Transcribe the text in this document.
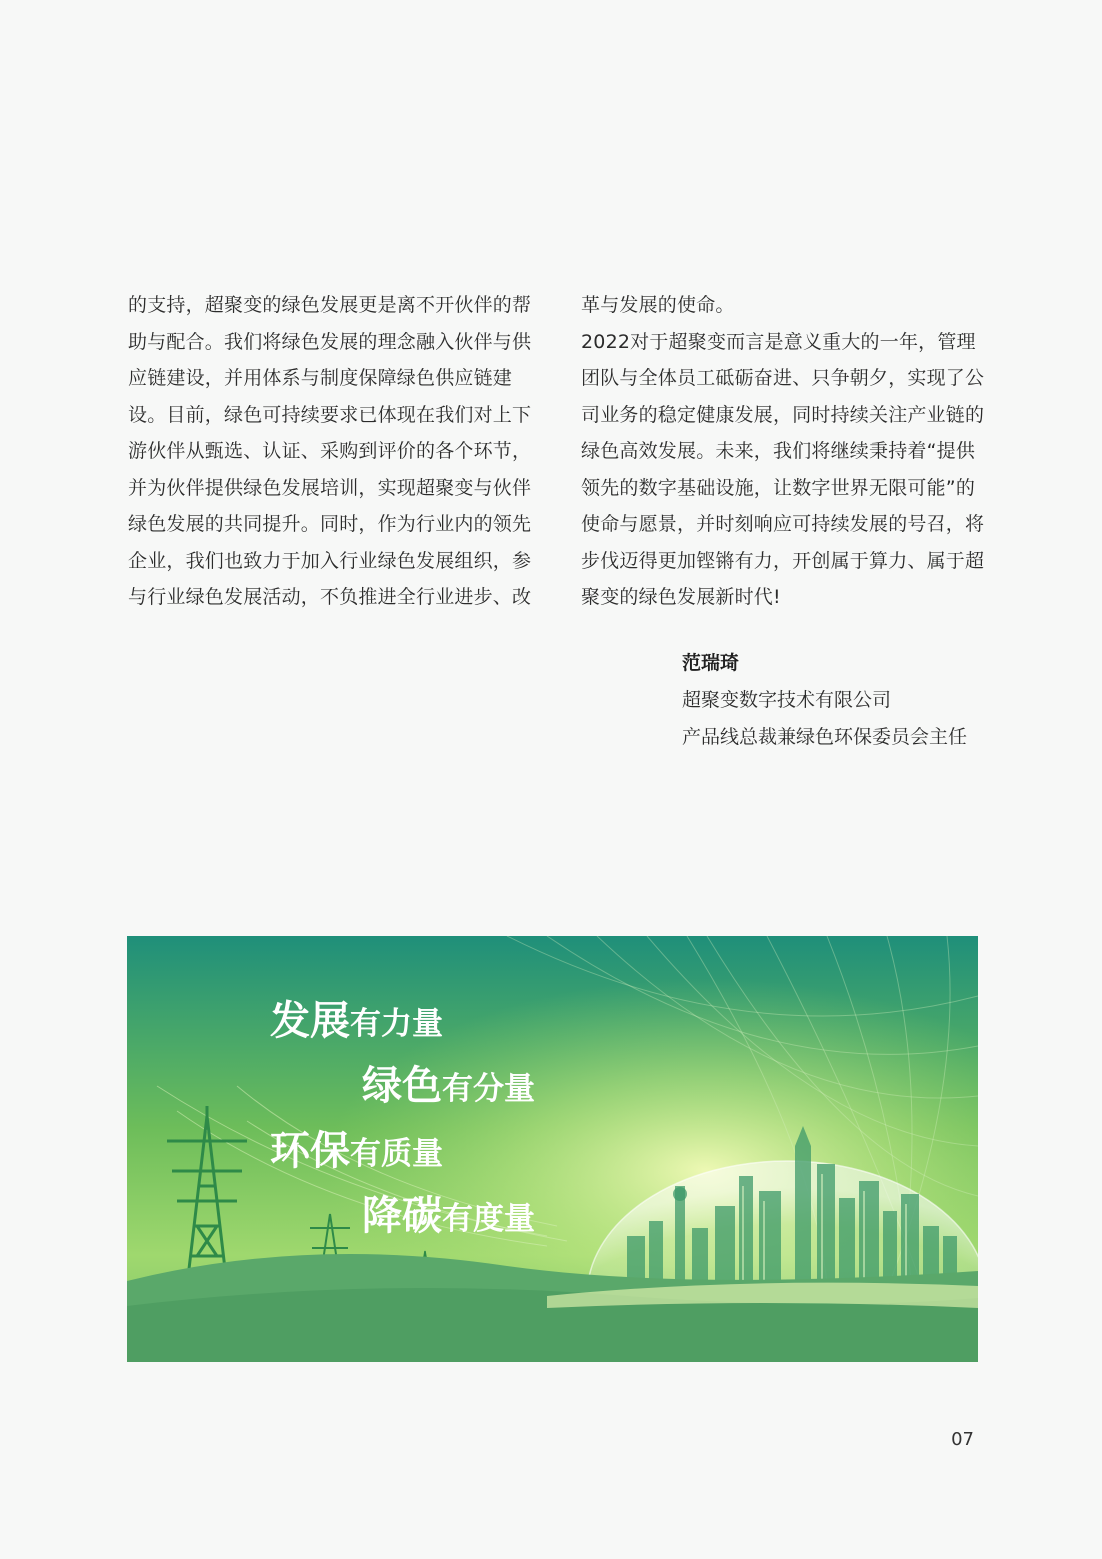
的支持，超聚变的绿色发展更是离不开伙伴的帮

助与配合。我们将绿色发展的理念融入伙伴与供

应链建设，并用体系与制度保障绿色供应链建

设。目前，绿色可持续要求已体现在我们对上下

游伙伴从甄选、认证、采购到评价的各个环节，

并为伙伴提供绿色发展培训，实现超聚变与伙伴

绿色发展的共同提升。同时，作为行业内的领先

企业，我们也致力于加入行业绿色发展组织，参

与行业绿色发展活动，不负推进全行业进步、改

革与发展的使命。

2022对于超聚变而言是意义重大的一年，管理

团队与全体员工砥砺奋进、只争朝夕，实现了公

司业务的稳定健康发展，同时持续关注产业链的

绿色高效发展。未来，我们将继续秉持着“提供

领先的数字基础设施，让数字世界无限可能”的

使命与愿景，并时刻响应可持续发展的号召，将

步伐迈得更加铿锵有力，开创属于算力、属于超

聚变的绿色发展新时代!

范瑞琦
超聚变数字技术有限公司
产品线总裁兼绿色环保委员会主任
发展有力量
绿色有分量
环保有质量
降碳有度量
07
